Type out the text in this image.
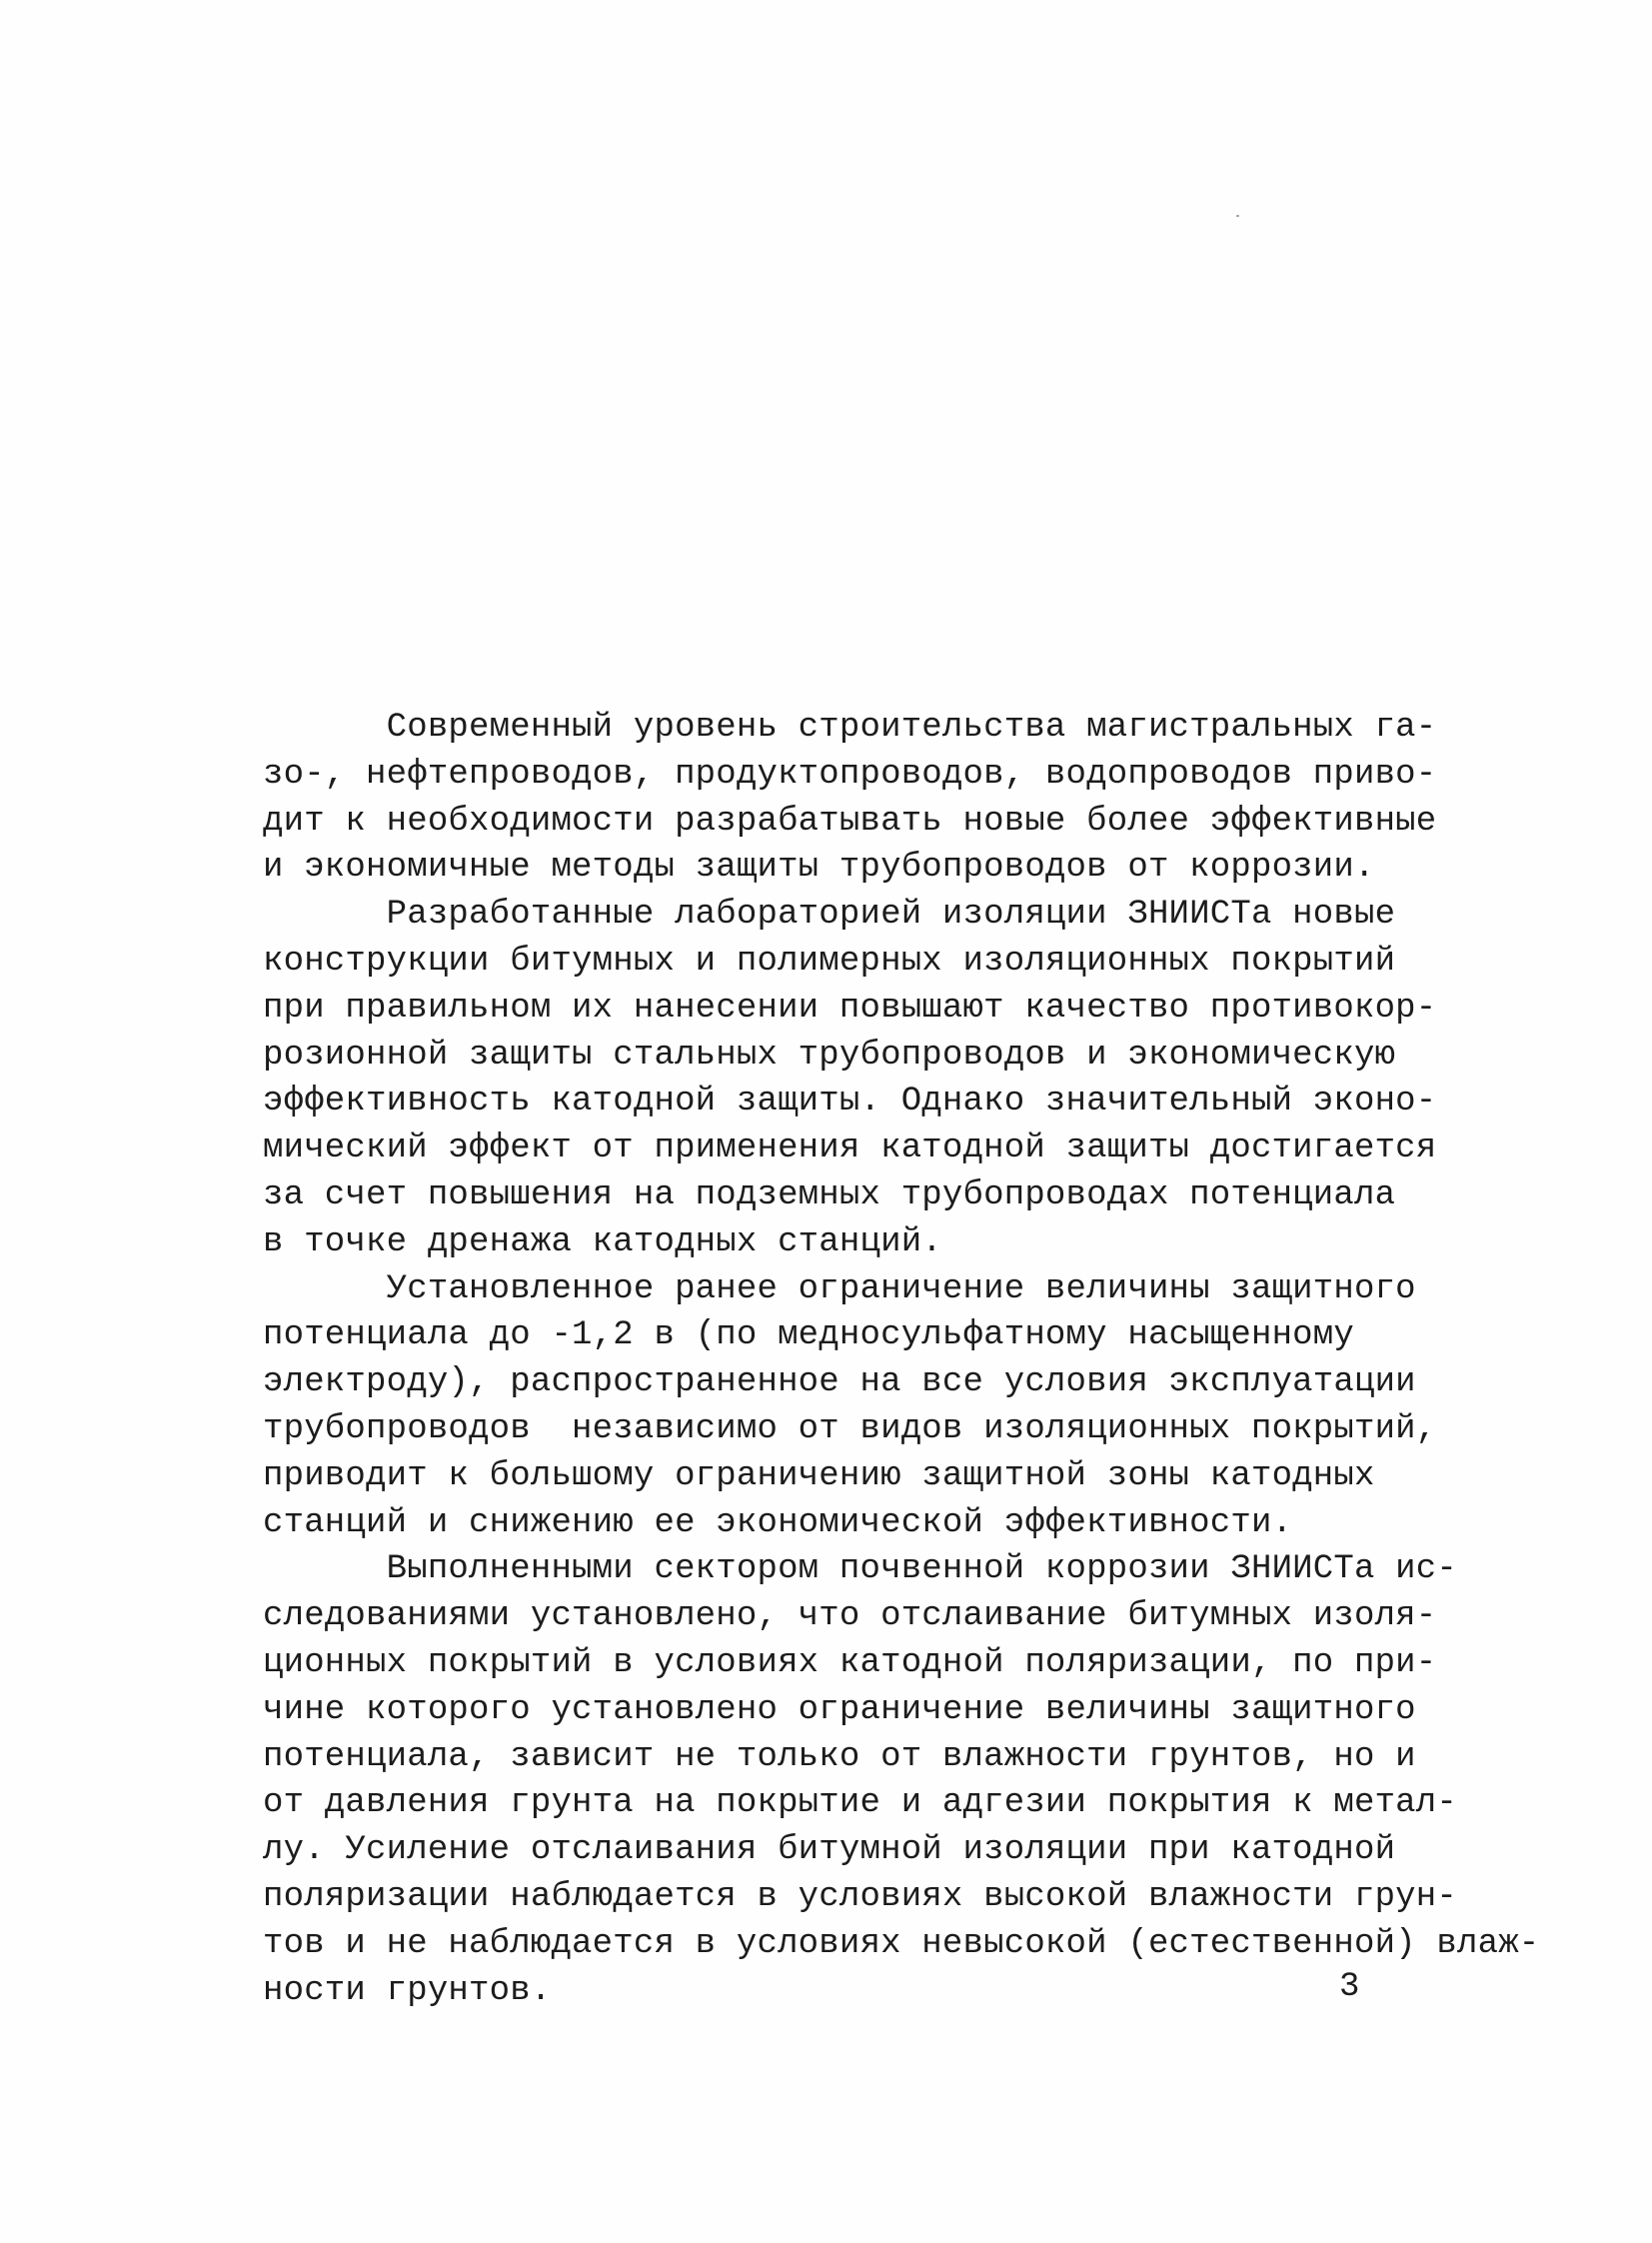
Современный уровень строительства магистральных га-
зо-, нефтепроводов, продуктопроводов, водопроводов приво-
дит к необходимости разрабатывать новые более эффективные
и экономичные методы защиты трубопроводов от коррозии.
Разработанные лабораторией изоляции ЗНИИСТа новые
конструкции битумных и полимерных изоляционных покрытий
при правильном их нанесении повышают качество противокор-
розионной защиты стальных трубопроводов и экономическую
эффективность катодной защиты. Однако значительный эконо-
мический эффект от применения катодной защиты достигается
за счет повышения на подземных трубопроводах потенциала
в точке дренажа катодных станций.
Установленное ранее ограничение величины защитного
потенциала до -1,2 в (по медносульфатному насыщенному
электроду), распространенное на все условия эксплуатации
трубопроводов  независимо от видов изоляционных покрытий,
приводит к большому ограничению защитной зоны катодных
станций и снижению ее экономической эффективности.
Выполненными сектором почвенной коррозии ЗНИИСТа ис-
следованиями установлено, что отслаивание битумных изоля-
ционных покрытий в условиях катодной поляризации, по при-
чине которого установлено ограничение величины защитного
потенциала, зависит не только от влажности грунтов, но и
от давления грунта на покрытие и адгезии покрытия к метал-
лу. Усиление отслаивания битумной изоляции при катодной
поляризации наблюдается в условиях высокой влажности грун-
тов и не наблюдается в условиях невысокой (естественной) влаж-
ности грунтов.	3
